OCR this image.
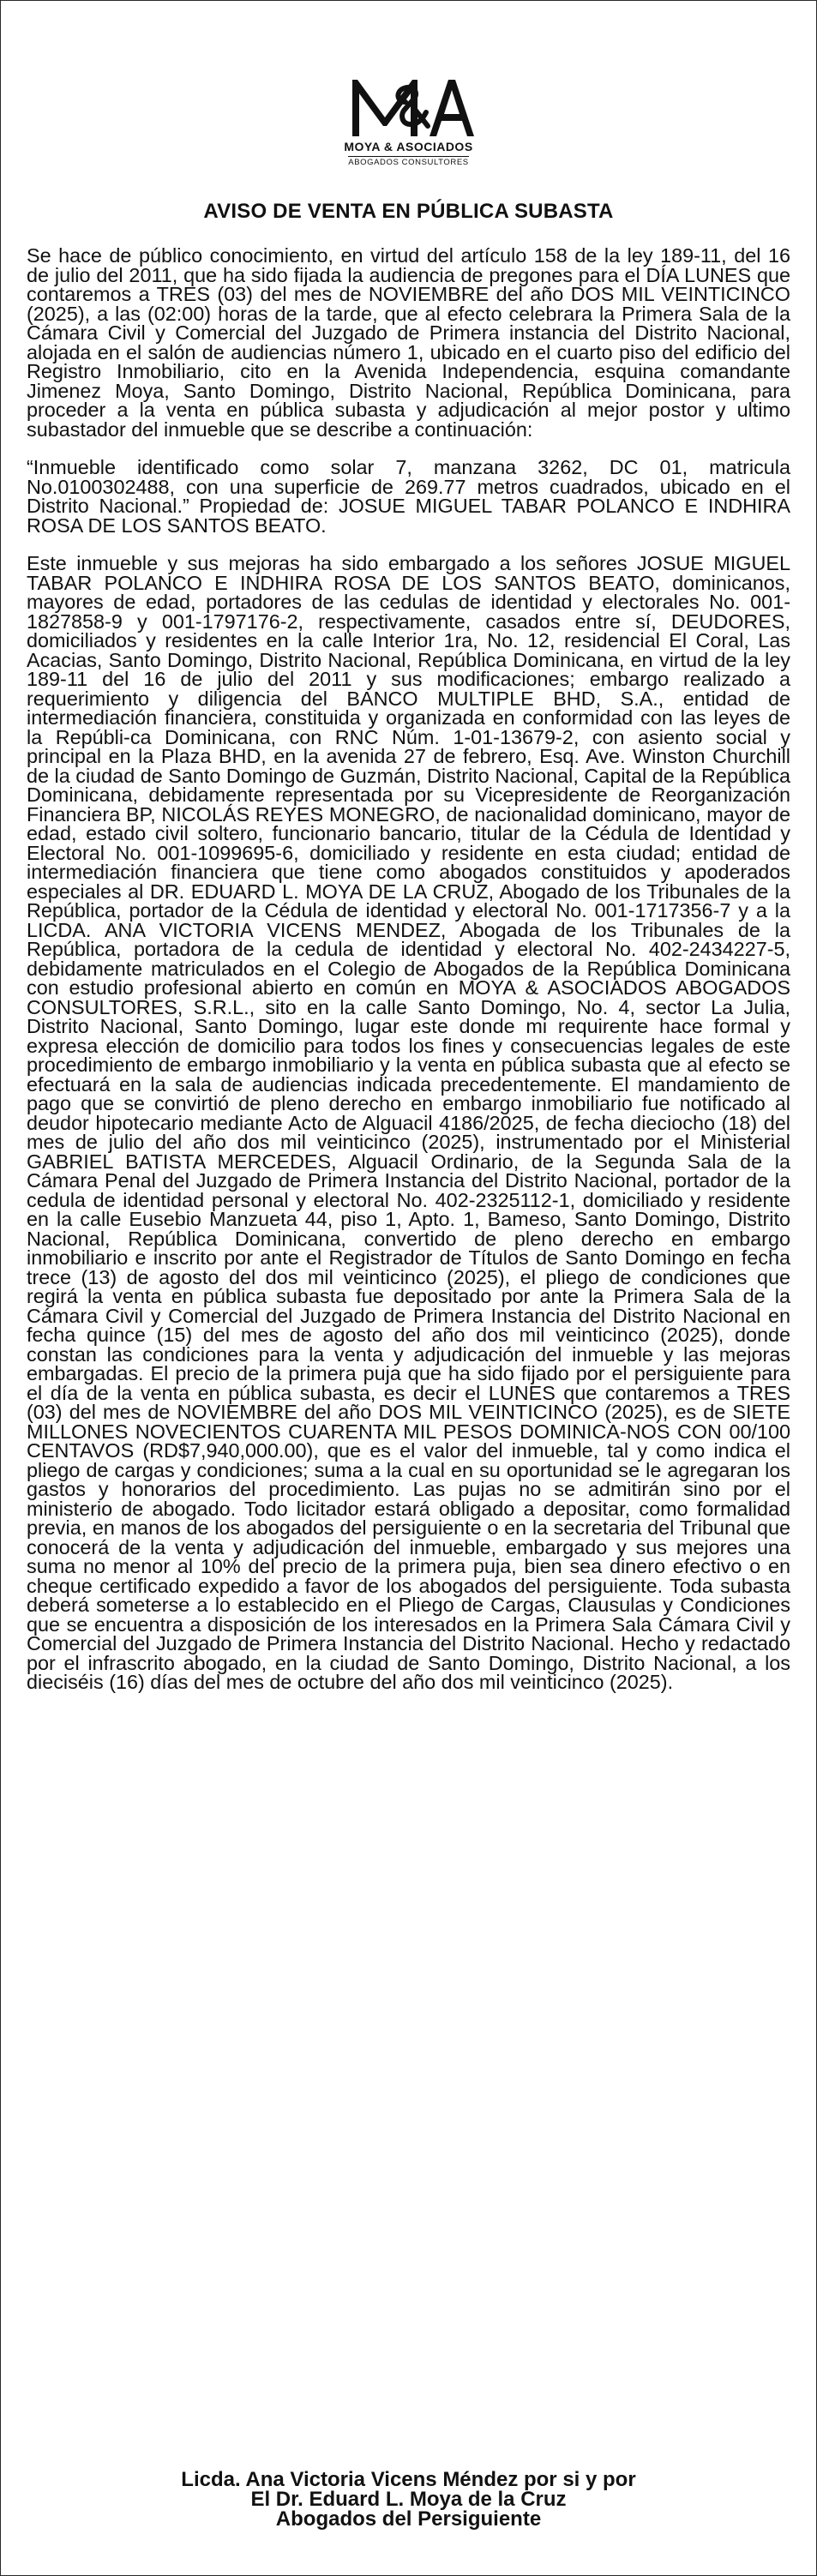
MOYA & ASOCIADOS
ABOGADOS CONSULTORES
AVISO DE VENTA EN PÚBLICA SUBASTA

Se hace de público conocimiento, en virtud del artículo 158 de la ley 189-11, del 16 de julio del 2011, que ha sido fijada la audiencia de pregones para el DÍA LUNES que contaremos a TRES (03) del mes de NOVIEMBRE del año DOS MIL VEINTICINCO (2025), a las (02:00) horas de la tarde, que al efecto celebrara la Primera Sala de la Cámara Civil y Comercial del Juzgado de Primera instancia del Distrito Nacional, alojada en el salón de audiencias número 1, ubicado en el cuarto piso del edificio del Registro Inmobiliario, cito en la Avenida Independencia, esquina comandante Jimenez Moya, Santo Domingo, Distrito Nacional, República Dominicana, para proceder a la venta en pública subasta y adjudicación al mejor postor y ultimo subastador del inmueble que se describe a continuación:

“Inmueble identificado como solar 7, manzana 3262, DC 01, matricula No.0100302488, con una superficie de 269.77 metros cuadrados, ubicado en el Distrito Nacional.” Propiedad de: JOSUE MIGUEL TABAR POLANCO E INDHIRA ROSA DE LOS SANTOS BEATO.

Este inmueble y sus mejoras ha sido embargado a los señores JOSUE MIGUEL TABAR POLANCO E INDHIRA ROSA DE LOS SANTOS BEATO, dominicanos, mayores de edad, portadores de las cedulas de identidad y electorales No. 001-1827858-9 y 001-1797176-2, respectivamente, casados entre sí, DEUDORES, domiciliados y residentes en la calle Interior 1ra, No. 12, residencial El Coral, Las Acacias, Santo Domingo, Distrito Nacional, República Dominicana, en virtud de la ley 189-11 del 16 de julio del 2011 y sus modificaciones; embargo realizado a requerimiento y diligencia del BANCO MULTIPLE BHD, S.A., entidad de intermediación financiera, constituida y organizada en conformidad con las leyes de la Repúbli-ca Dominicana, con RNC Núm. 1-01-13679-2, con asiento social y principal en la Plaza BHD, en la avenida 27 de febrero, Esq. Ave. Winston Churchill de la ciudad de Santo Domingo de Guzmán, Distrito Nacional, Capital de la República Dominicana, debidamente representada por su Vicepresidente de Reorganización Financiera BP, NICOLÁS REYES MONEGRO, de nacionalidad dominicano, mayor de edad, estado civil soltero, funcionario bancario, titular de la Cédula de Identidad y Electoral No. 001-1099695-6, domiciliado y residente en esta ciudad; entidad de intermediación financiera que tiene como abogados constituidos y apoderados especiales al DR. EDUARD L. MOYA DE LA CRUZ, Abogado de los Tribunales de la República, portador de la Cédula de identidad y electoral No. 001-1717356-7 y a la LICDA. ANA VICTORIA VICENS MENDEZ, Abogada de los Tribunales de la República, portadora de la cedula de identidad y electoral No. 402-2434227-5, debidamente matriculados en el Colegio de Abogados de la República Dominicana con estudio profesional abierto en común en MOYA & ASOCIADOS ABOGADOS CONSULTORES, S.R.L., sito en la calle Santo Domingo, No. 4, sector La Julia, Distrito Nacional, Santo Domingo, lugar este donde mi requirente hace formal y expresa elección de domicilio para todos los fines y consecuencias legales de este procedimiento de embargo inmobiliario y la venta en pública subasta que al efecto se efectuará en la sala de audiencias indicada precedentemente. El mandamiento de pago que se convirtió de pleno derecho en embargo inmobiliario fue notificado al deudor hipotecario mediante Acto de Alguacil 4186/2025, de fecha dieciocho (18) del mes de julio del año dos mil veinticinco (2025), instrumentado por el Ministerial GABRIEL BATISTA MERCEDES, Alguacil Ordinario, de la Segunda Sala de la Cámara Penal del Juzgado de Primera Instancia del Distrito Nacional, portador de la cedula de identidad personal y electoral No. 402-2325112-1, domiciliado y residente en la calle Eusebio Manzueta 44, piso 1, Apto. 1, Bameso, Santo Domingo, Distrito Nacional, República Dominicana, convertido de pleno derecho en embargo inmobiliario e inscrito por ante el Registrador de Títulos de Santo Domingo en fecha trece (13) de agosto del dos mil veinticinco (2025), el pliego de condiciones que regirá la venta en pública subasta fue depositado por ante la Primera Sala de la Cámara Civil y Comercial del Juzgado de Primera Instancia del Distrito Nacional en fecha quince (15) del mes de agosto del año dos mil veinticinco (2025), donde constan las condiciones para la venta y adjudicación del inmueble y las mejoras embargadas. El precio de la primera puja que ha sido fijado por el persiguiente para el día de la venta en pública subasta, es decir el LUNES que contaremos a TRES (03) del mes de NOVIEMBRE del año DOS MIL VEINTICINCO (2025), es de SIETE MILLONES NOVECIENTOS CUARENTA MIL PESOS DOMINICA-NOS CON 00/100 CENTAVOS (RD$7,940,000.00), que es el valor del inmueble, tal y como indica el pliego de cargas y condiciones; suma a la cual en su oportunidad se le agregaran los gastos y honorarios del procedimiento. Las pujas no se admitirán sino por el ministerio de abogado. Todo licitador estará obligado a depositar, como formalidad previa, en manos de los abogados del persiguiente o en la secretaria del Tribunal que conocerá de la venta y adjudicación del inmueble, embargado y sus mejores una suma no menor al 10% del precio de la primera puja, bien sea dinero efectivo o en cheque certificado expedido a favor de los abogados del persiguiente. Toda subasta deberá someterse a lo establecido en el Pliego de Cargas, Clausulas y Condiciones que se encuentra a disposición de los interesados en la Primera Sala Cámara Civil y Comercial del Juzgado de Primera Instancia del Distrito Nacional. Hecho y redactado por el infrascrito abogado, en la ciudad de Santo Domingo, Distrito Nacional, a los dieciséis (16) días del mes de octubre del año dos mil veinticinco (2025).

Licda. Ana Victoria Vicens Méndez por si y por
El Dr. Eduard L. Moya de la Cruz
Abogados del Persiguiente
